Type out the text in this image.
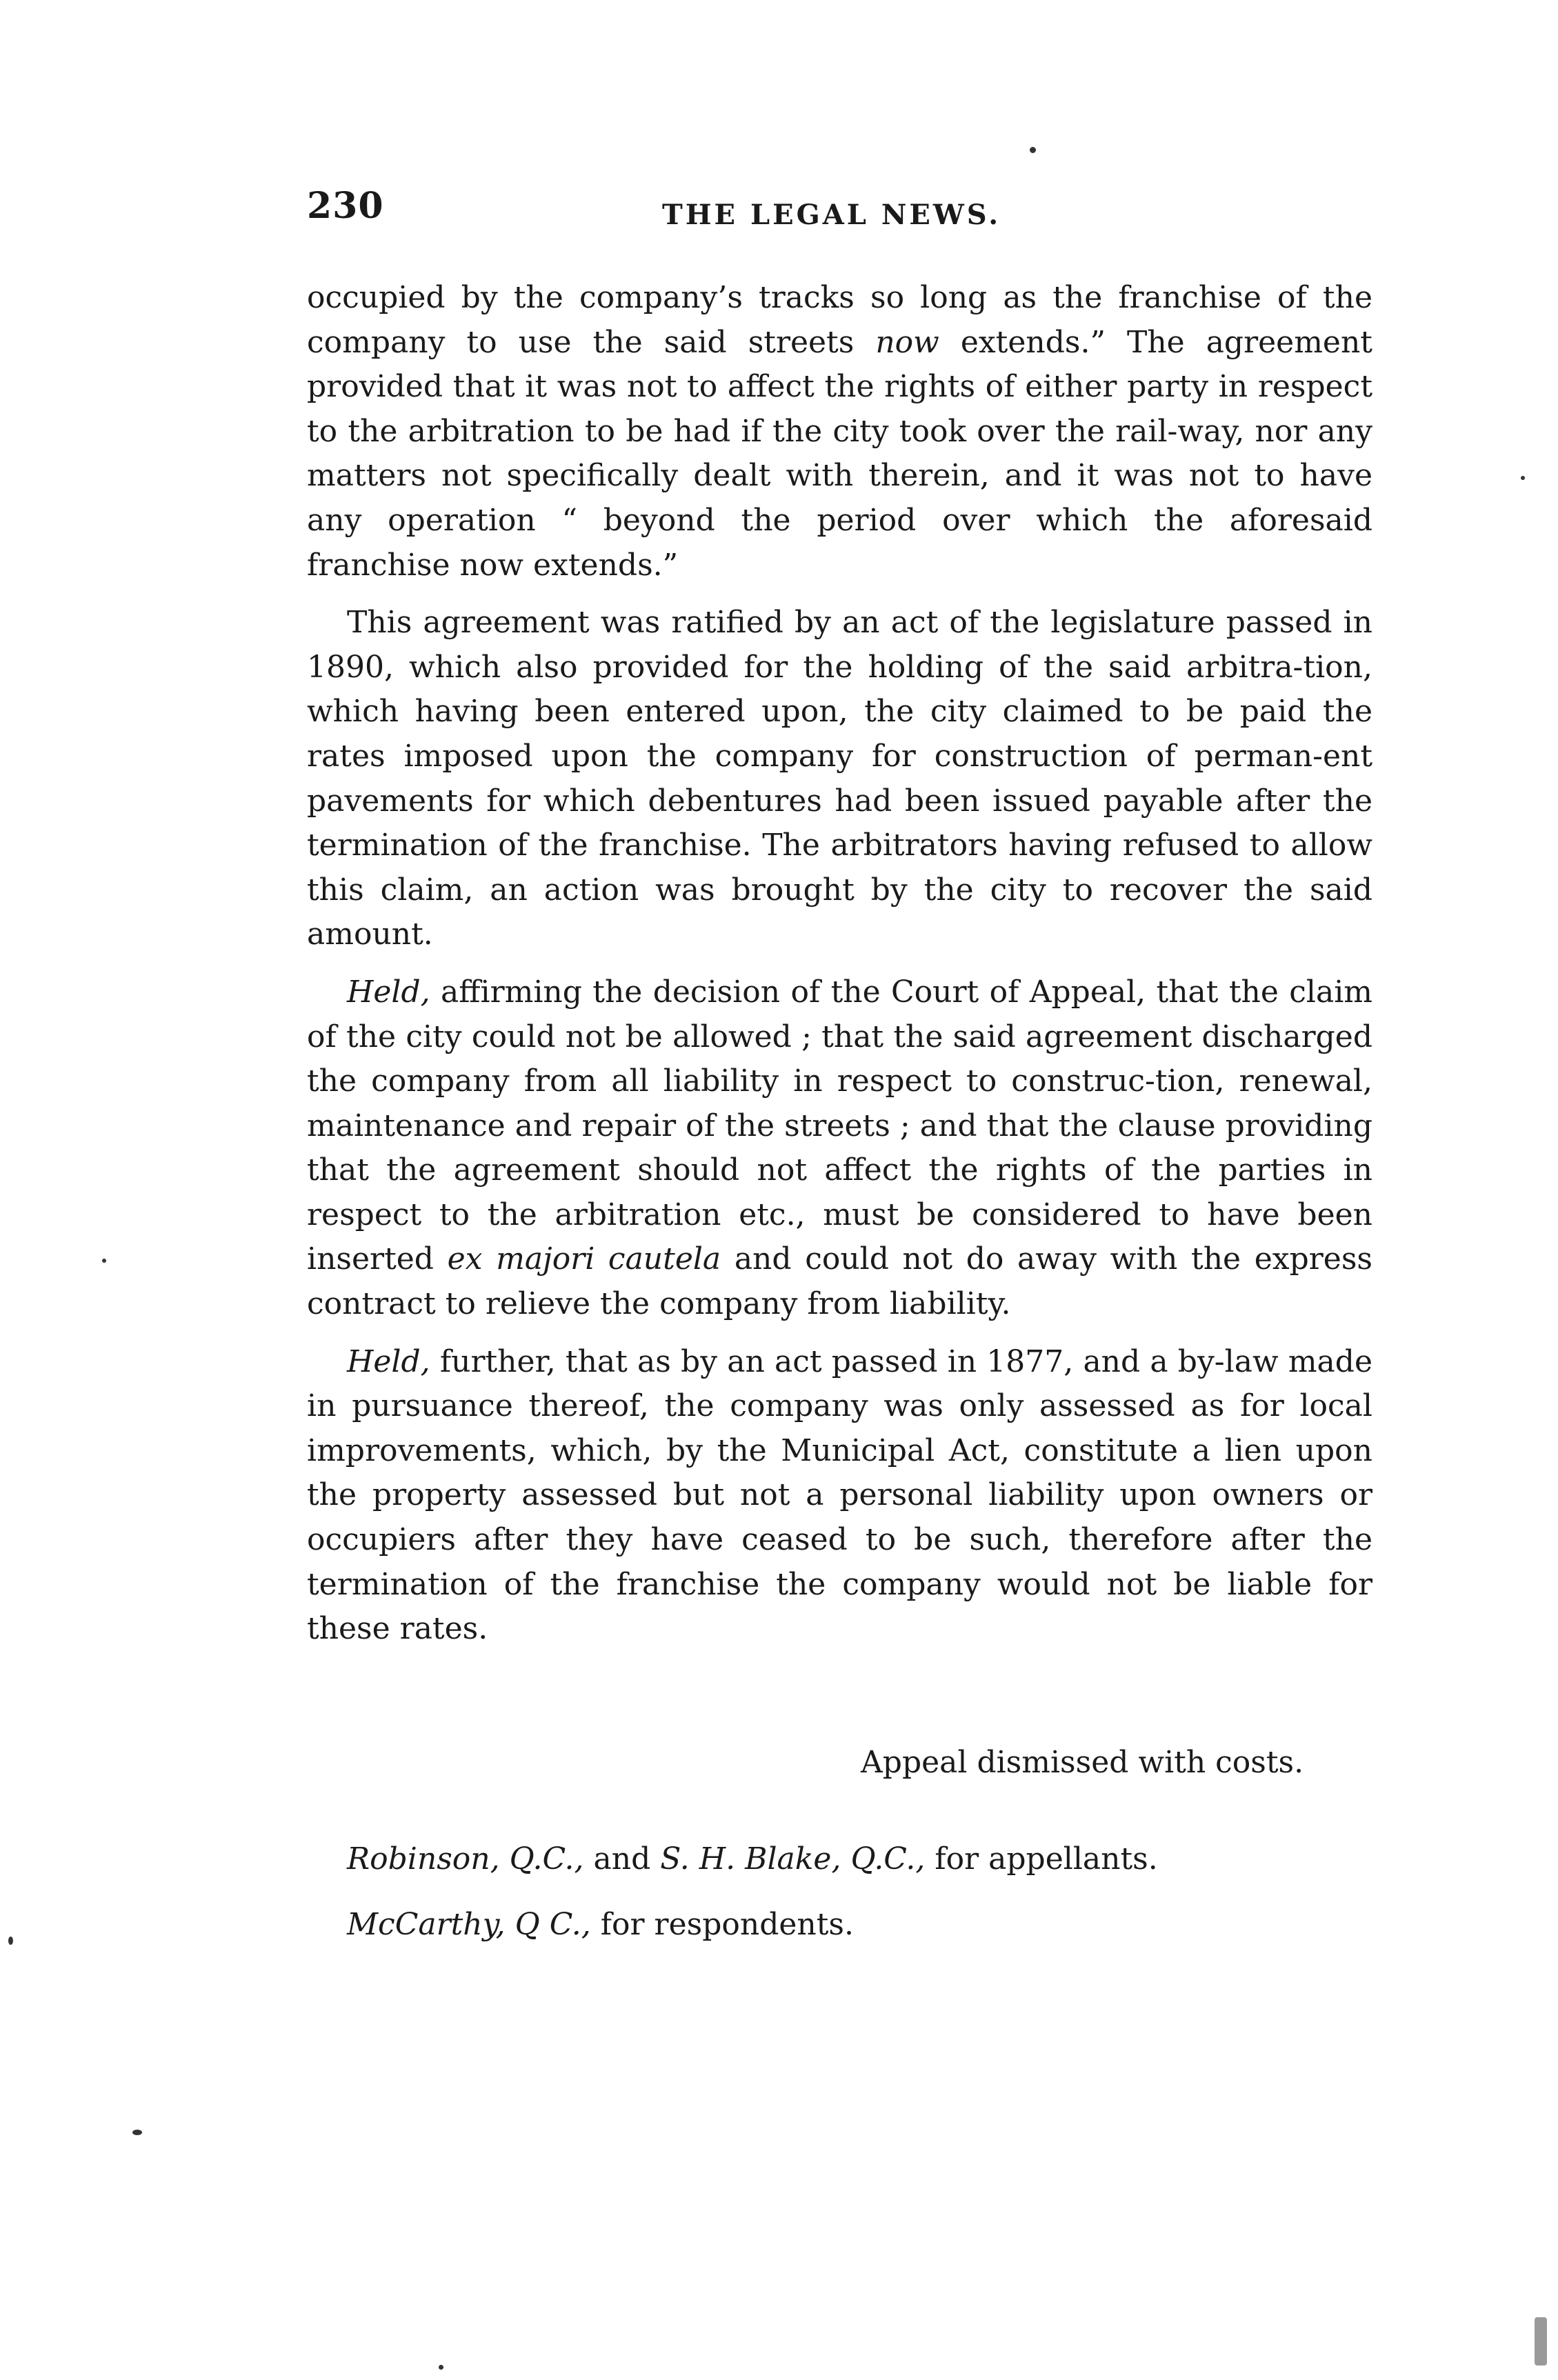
230	THE LEGAL NEWS.

occupied by the company’s tracks so long as the franchise of the company to use the said streets now extends.” The agreement provided that it was not to affect the rights of either party in respect to the arbitration to be had if the city took over the rail-way, nor any matters not specifically dealt with therein, and it was not to have any operation “ beyond the period over which the aforesaid franchise now extends.”

This agreement was ratified by an act of the legislature passed in 1890, which also provided for the holding of the said arbitra-tion, which having been entered upon, the city claimed to be paid the rates imposed upon the company for construction of perman-ent pavements for which debentures had been issued payable after the termination of the franchise. The arbitrators having refused to allow this claim, an action was brought by the city to recover the said amount.

Held, affirming the decision of the Court of Appeal, that the claim of the city could not be allowed ; that the said agreement discharged the company from all liability in respect to construc-tion, renewal, maintenance and repair of the streets ; and that the clause providing that the agreement should not affect the rights of the parties in respect to the arbitration etc., must be considered to have been inserted ex majori cautela and could not do away with the express contract to relieve the company from liability.

Held, further, that as by an act passed in 1877, and a by-law made in pursuance thereof, the company was only assessed as for local improvements, which, by the Municipal Act, constitute a lien upon the property assessed but not a personal liability upon owners or occupiers after they have ceased to be such, therefore after the termination of the franchise the company would not be liable for these rates.

Appeal dismissed with costs.
Robinson, Q.C., and S. H. Blake, Q.C., for appellants.
McCarthy, Q C., for respondents.
